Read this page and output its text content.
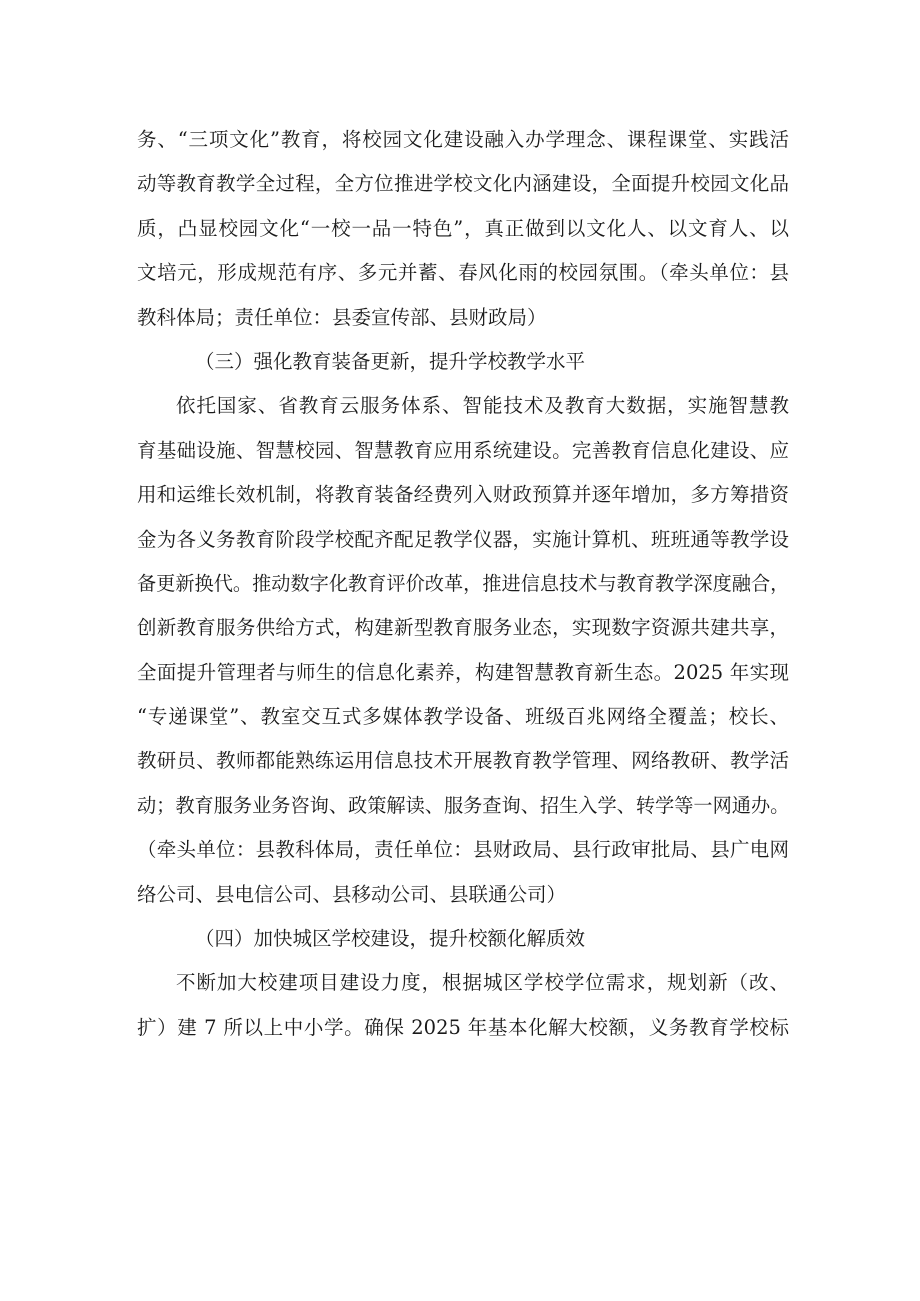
务、“三项文化”教育，将校园文化建设融入办学理念、课程课堂、实践活
动等教育教学全过程，全方位推进学校文化内涵建设，全面提升校园文化品
质，凸显校园文化“一校一品一特色”，真正做到以文化人、以文育人、以
文培元，形成规范有序、多元并蓄、春风化雨的校园氛围。（牵头单位：县
教科体局；责任单位：县委宣传部、县财政局）
（三）强化教育装备更新，提升学校教学水平
依托国家、省教育云服务体系、智能技术及教育大数据，实施智慧教
育基础设施、智慧校园、智慧教育应用系统建设。完善教育信息化建设、应
用和运维长效机制，将教育装备经费列入财政预算并逐年增加，多方筹措资
金为各义务教育阶段学校配齐配足教学仪器，实施计算机、班班通等教学设
备更新换代。推动数字化教育评价改革，推进信息技术与教育教学深度融合，
创新教育服务供给方式，构建新型教育服务业态，实现数字资源共建共享，
全面提升管理者与师生的信息化素养，构建智慧教育新生态。2025 年实现
“专递课堂”、教室交互式多媒体教学设备、班级百兆网络全覆盖；校长、
教研员、教师都能熟练运用信息技术开展教育教学管理、网络教研、教学活
动；教育服务业务咨询、政策解读、服务查询、招生入学、转学等一网通办。
（牵头单位：县教科体局，责任单位：县财政局、县行政审批局、县广电网
络公司、县电信公司、县移动公司、县联通公司）
（四）加快城区学校建设，提升校额化解质效
不断加大校建项目建设力度，根据城区学校学位需求，规划新（改、
扩）建 7 所以上中小学。确保 2025 年基本化解大校额，义务教育学校标
